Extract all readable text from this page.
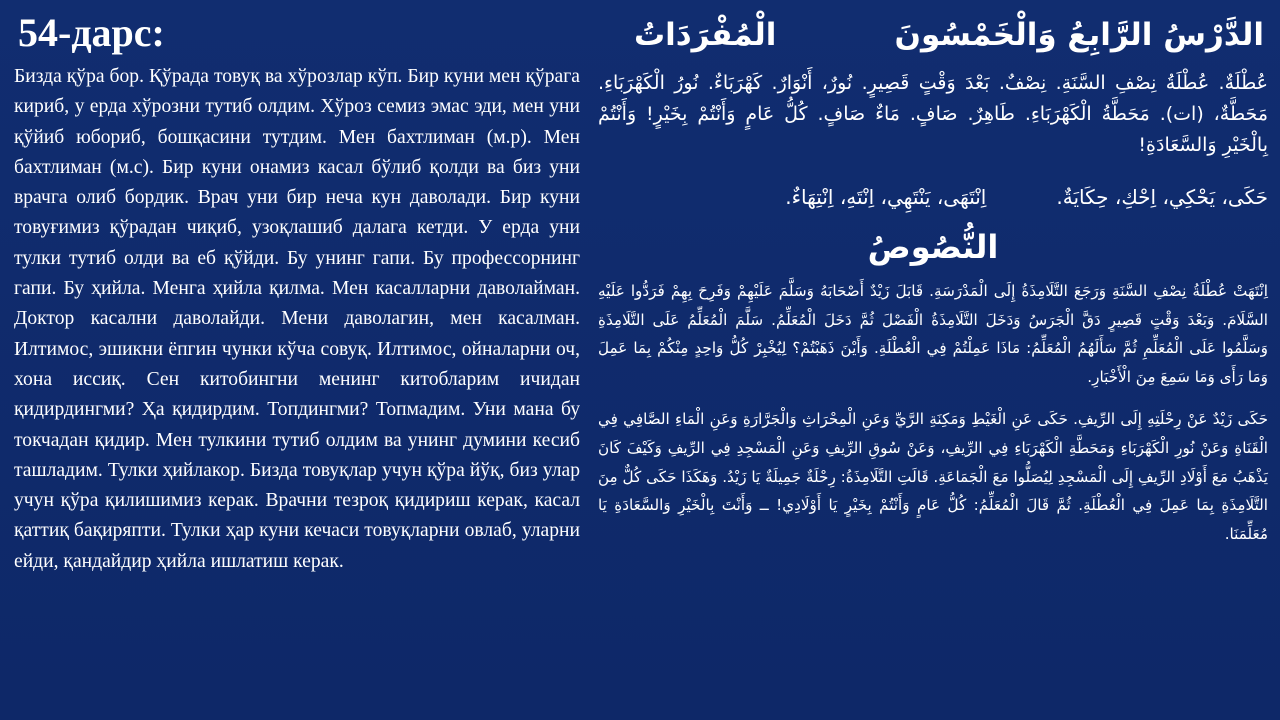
54-дарс:

Бизда қўра бор. Қўрада товуқ ва хўрозлар кўп. Бир куни мен қўрага кириб, у ерда хўрозни тутиб олдим. Хўроз семиз эмас эди, мен уни қўйиб юбориб, бошқасини тутдим. Мен бахтлиман (м.р). Мен бахтлиман (м.с). Бир куни онамиз касал бўлиб қолди ва биз уни врачга олиб бордик. Врач уни бир неча кун даволади. Бир куни товуғимиз қўрадан чиқиб, узоқлашиб далага кетди. У ерда уни тулки тутиб олди ва еб қўйди. Бу унинг гапи. Бу профессорнинг гапи. Бу ҳийла. Менга ҳийла қилма. Мен касалларни даволайман. Доктор касални даволайди. Мени даволагин, мен касалман. Илтимос, эшикни ёпгин чунки кўча совуқ. Илтимос, ойналарни оч, хона иссиқ. Сен китобингни менинг китобларим ичидан қидирдингми? Ҳа қидирдим. Топдингми? Топмадим. Уни мана бу токчадан қидир. Мен тулкини тутиб олдим ва унинг думини кесиб ташладим. Тулки ҳийлакор. Бизда товуқлар учун қўра йўқ, биз улар учун қўра қилишимиз керак. Врачни тезроқ қидириш керак, касал қаттиқ бақиряпти. Тулки ҳар куни кечаси товуқларни овлаб, уларни ейди, қандайдир ҳийла ишлатиш керак.

الدَّرْسُ الرَّابِعُ وَالْخَمْسُونَ
الْمُفْرَدَاتُ

عُطْلَةٌ. عُطْلَةُ نِصْفِ السَّنَةِ. نِصْفٌ. بَعْدَ وَقْتٍ قَصِيرٍ. نُورٌ، أَنْوَارٌ. كَهْرَبَاءٌ. نُورُ الْكَهْرَبَاءِ. مَحَطَّةٌ، (ات). مَحَطَّةُ الْكَهْرَبَاءِ. طَاهِرٌ. صَافٍ. مَاءٌ صَافٍ. كُلُّ عَامٍ وَأَنْتُمْ بِخَيْرٍ! وَأَنْتُمْ بِالْخَيْرِ وَالسَّعَادَةِ!

حَكَى، يَحْكِي، اِحْكِ، حِكَايَةٌ.
اِنْتَهَى، يَنْتَهِي، اِنْتَهِ، اِنْتِهَاءٌ.
النُّصُوصُ

اِنْتَهَتْ عُطْلَةُ نِصْفِ السَّنَةِ وَرَجَعَ التَّلَامِذَةُ إِلَى الْمَدْرَسَةِ. قَابَلَ زَيْدٌ أَصْحَابَهُ وَسَلَّمَ عَلَيْهِمْ وَفَرِحَ بِهِمْ فَرَدُّوا عَلَيْهِ السَّلَامَ. وَبَعْدَ وَقْتٍ قَصِيرٍ دَقَّ الْجَرَسُ وَدَخَلَ التَّلَامِذَةُ الْفَصْلَ ثُمَّ دَخَلَ الْمُعَلِّمُ. سَلَّمَ الْمُعَلِّمُ عَلَى التَّلَامِذَةِ وَسَلَّمُوا عَلَى الْمُعَلِّمِ ثُمَّ سَأَلَهُمُ الْمُعَلِّمُ: مَاذَا عَمِلْتُمْ فِي الْعُطْلَةِ. وَأَيْنَ ذَهَبْتُمْ؟ لِيُخْبِرْ كُلُّ وَاحِدٍ مِنْكُمْ بِمَا عَمِلَ وَمَا رَأَى وَمَا سَمِعَ مِنَ الْأَخْبَارِ.

حَكَى زَيْدٌ عَنْ رِحْلَتِهِ إِلَى الرِّيفِ. حَكَى عَنِ الْغَيْطِ وَمَكِنَةِ الرَّيِّ وَعَنِ الْمِحْرَاثِ وَالْجَرَّارَةِ وَعَنِ الْمَاءِ الصَّافِي فِي الْقَنَاةِ وَعَنْ نُورِ الْكَهْرَبَاءِ وَمَحَطَّةِ الْكَهْرَبَاءِ فِي الرِّيفِ، وَعَنْ سُوقِ الرِّيفِ وَعَنِ الْمَسْجِدِ فِي الرِّيفِ وَكَيْفَ كَانَ يَذْهَبُ مَعَ أَوْلَادِ الرِّيفِ إِلَى الْمَسْجِدِ لِيُصَلُّوا مَعَ الْجَمَاعَةِ. قَالَتِ التَّلَامِذَةُ: رِحْلَةٌ جَمِيلَةٌ يَا زَيْدُ. وَهَكَذَا حَكَى كُلٌّ مِنَ التَّلَامِذَةِ بِمَا عَمِلَ فِي الْعُطْلَةِ. ثُمَّ قَالَ الْمُعَلِّمُ: كُلُّ عَامٍ وَأَنْتُمْ بِخَيْرٍ يَا أَوْلَادِي! ــ وَأَنْتَ بِالْخَيْرِ وَالسَّعَادَةِ يَا مُعَلِّمَنَا.
